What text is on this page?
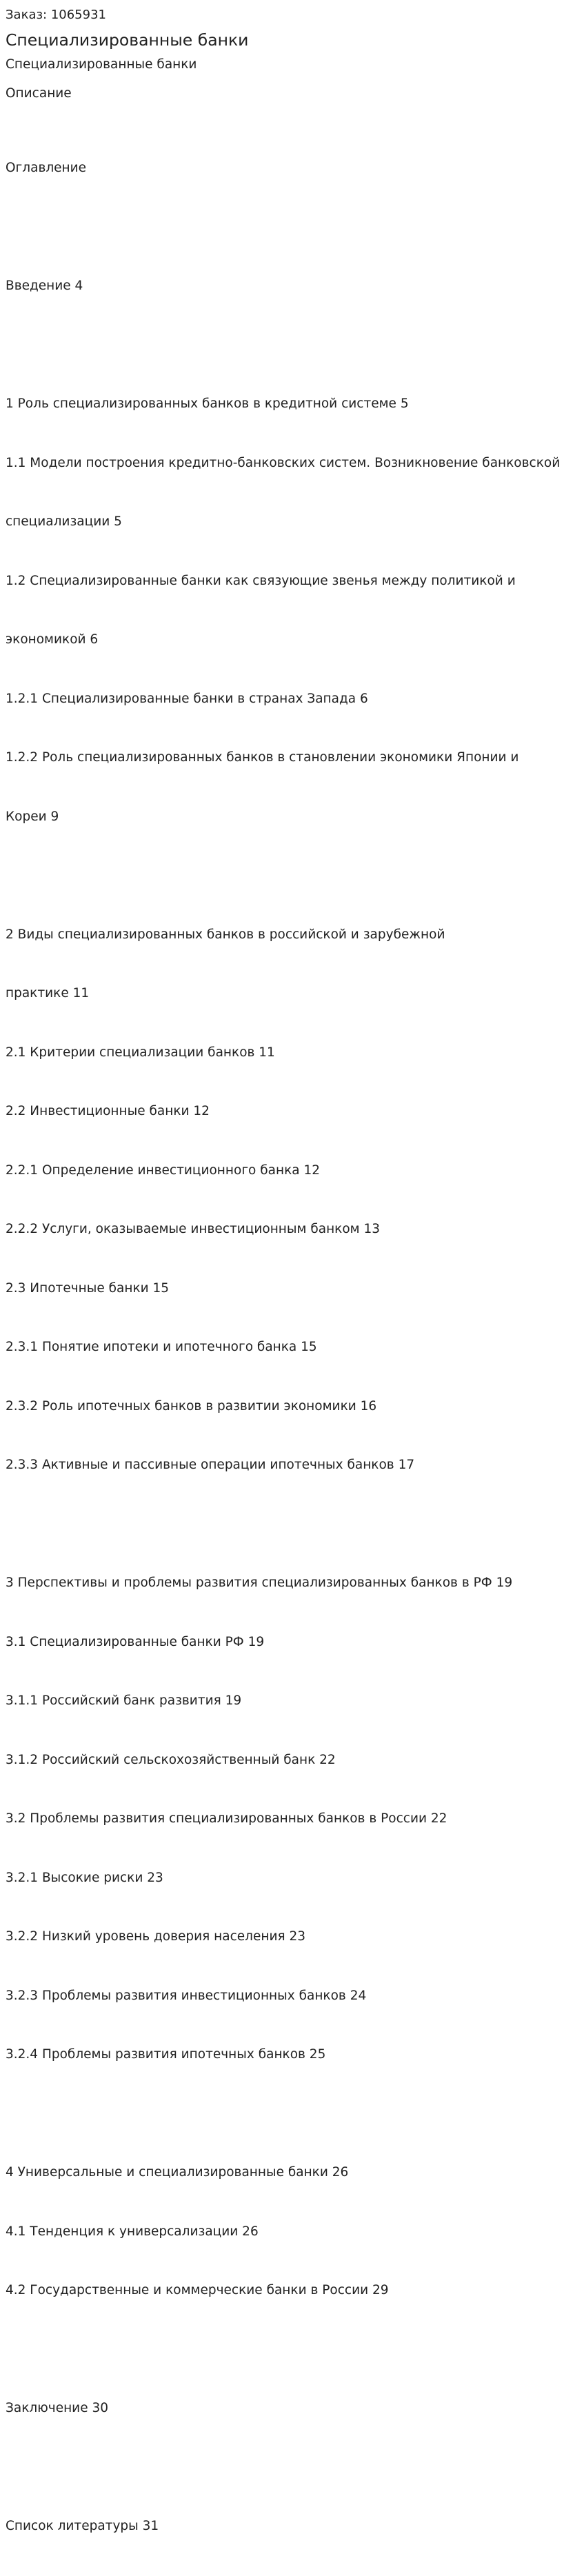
Заказ: 1065931

Специализированные банки

Специализированные банки

Описание

Оглавление

Введение 4

1 Роль специализированных банков в кредитной системе 5

1.1 Модели построения кредитно-банковских систем. Возникновение банковской

специализации 5

1.2 Специализированные банки как связующие звенья между политикой и

экономикой 6

1.2.1 Специализированные банки в странах Запада 6

1.2.2 Роль специализированных банков в становлении экономики Японии и

Кореи 9

2 Виды специализированных банков в российской и зарубежной

практике 11

2.1 Критерии специализации банков 11

2.2 Инвестиционные банки 12

2.2.1 Определение инвестиционного банка 12

2.2.2 Услуги, оказываемые инвестиционным банком 13

2.3 Ипотечные банки 15

2.3.1 Понятие ипотеки и ипотечного банка 15

2.3.2 Роль ипотечных банков в развитии экономики 16

2.3.3 Активные и пассивные операции ипотечных банков 17

3 Перспективы и проблемы развития специализированных банков в РФ 19

3.1 Специализированные банки РФ 19

3.1.1 Российский банк развития 19

3.1.2 Российский сельскохозяйственный банк 22

3.2 Проблемы развития специализированных банков в России 22

3.2.1 Высокие риски 23

3.2.2 Низкий уровень доверия населения 23

3.2.3 Проблемы развития инвестиционных банков 24

3.2.4 Проблемы развития ипотечных банков 25

4 Универсальные и специализированные банки 26

4.1 Тенденция к универсализации 26

4.2 Государственные и коммерческие банки в России 29

Заключение 30

Список литературы 31
